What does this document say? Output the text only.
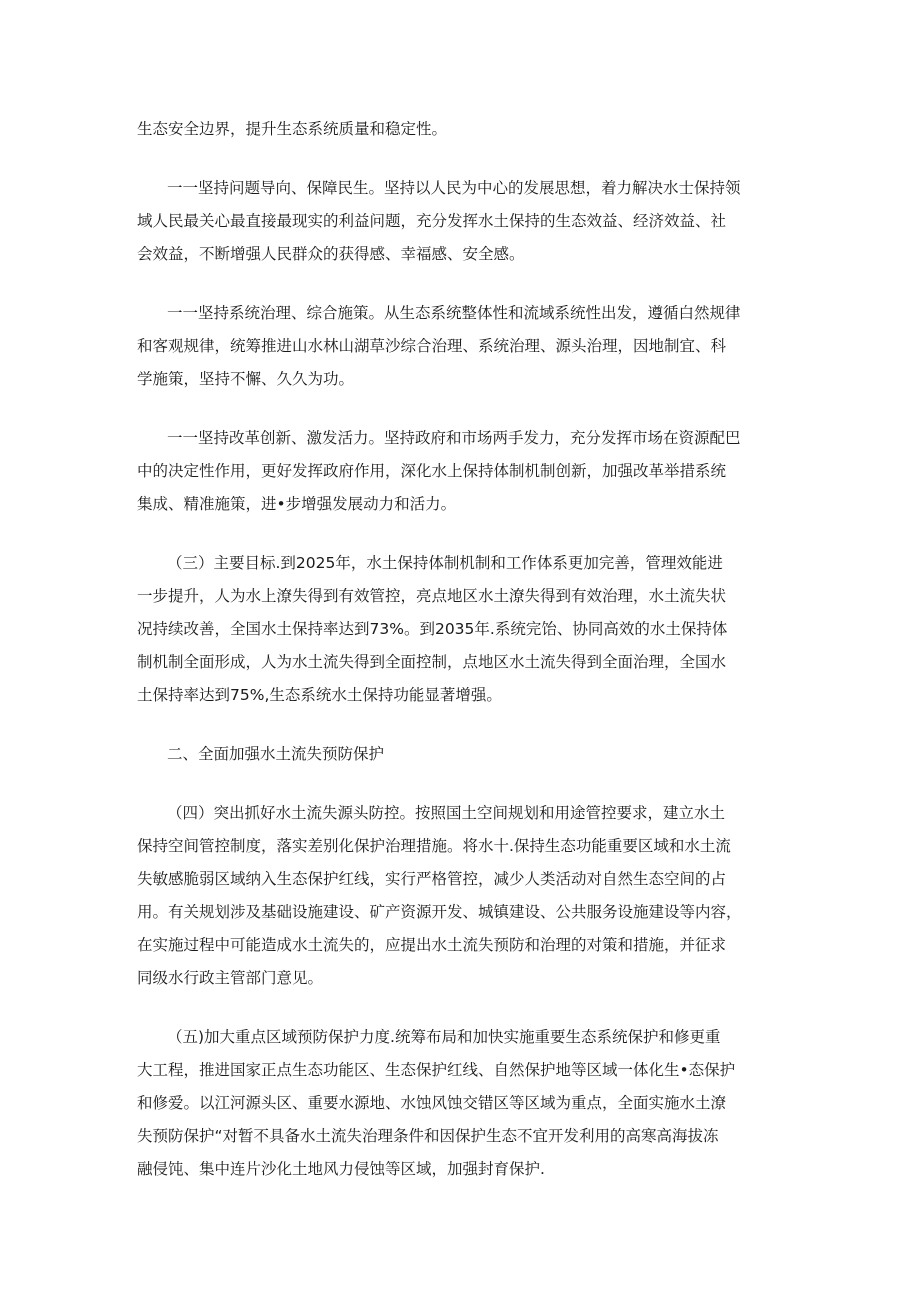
生态安全边界，提升生态系统质量和稳定性。
一一坚持问题导向、保障民生。坚持以人民为中心的发展思想，着力解决水士保持领
域人民最关心最直接最现实的利益问题，充分发挥水土保持的生态效益、经济效益、社
会效益，不断增强人民群众的获得感、幸福感、安全感。
一一坚持系统治理、综合施策。从生态系统整体性和流域系统性出发，遵循白然规律
和客观规律，统筹推进山水林山湖草沙综合治理、系统治理、源头治理，因地制宜、科
学施策，坚持不懈、久久为功。
一一坚持改革创新、激发活力。坚持政府和市场两手发力，充分发挥市场在资源配巴
中的决定性作用，更好发挥政府作用，深化水上保持体制机制创新，加强改革举措系统
集成、精准施策，进•步增强发展动力和活力。
（三）主要目标.到2025年，水土保持体制机制和工作体系更加完善，管理效能进
一步提升，人为水上潦失得到有效管控，亮点地区水土潦失得到有效治理，水土流失状
况持续改善，全国水土保持率达到73%。到2035年.系统完饴、协同高效的水土保持体
制机制全面形成，人为水土流失得到全面控制，点地区水土流失得到全面治理，全国水
土保持率达到75%,生态系统水土保持功能显著增强。
二、全面加强水土流失预防保护
（四）突出抓好水土流失源头防控。按照国土空间规划和用途管控要求，建立水土
保持空间管控制度，落实差别化保护治理措施。将水十.保持生态功能重要区域和水土流
失敏感脆弱区域纳入生态保护红线，实行严格管控，减少人类活动对自然生态空间的占
用。有关规划涉及基础设施建设、矿产资源开发、城镇建设、公共服务设施建设等内容，
在实施过程中可能造成水土流失的，应提出水土流失预防和治理的对策和措施，并征求
同级水行政主管部门意见。
（五)加大重点区域预防保护力度.统筹布局和加快实施重要生态系统保护和修更重
大工程，推进国家正点生态功能区、生态保护红线、自然保护地等区域一体化生•态保护
和修爱。以江河源头区、重要水源地、水蚀风蚀交错区等区域为重点，全面实施水土潦
失预防保护“对暂不具备水土流失治理条件和因保护生态不宜开发利用的高寒高海拔冻
融侵饨、集中连片沙化土地风力侵蚀等区域，加强封育保护.
